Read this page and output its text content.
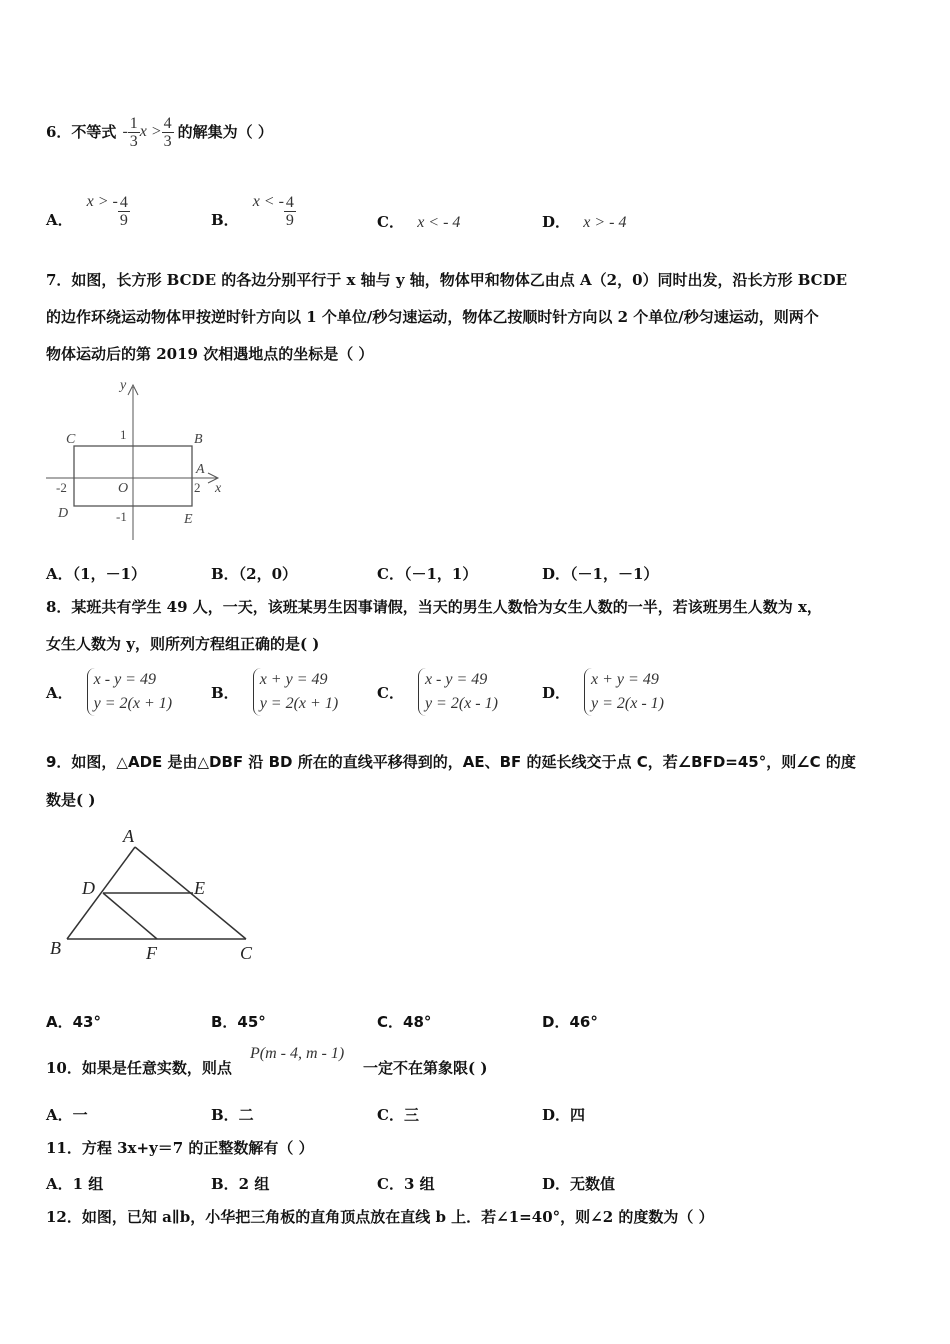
6．不等式 - $\frac{1}{3}$ $x > \frac{4}{3}$ 的解集为（ ）
A．
x > - $\frac{4}{9}$	B．
x < - $\frac{4}{9}$	C． x < - 4	D． x > - 4
7．如图，长方形 BCDE 的各边分别平行于 x 轴与 y 轴，物体甲和物体乙由点 A（2，0）同时出发，沿长方形 BCDE
的边作环绕运动物体甲按逆时针方向以 1 个单位/秒匀速运动，物体乙按顺时针方向以 2 个单位/秒匀速运动，则两个
物体运动后的第 2019 次相遇地点的坐标是（ ）
y
x
C	B
A
D	E
O
1
-1
2
-2
A．（1，－1）	B．（2，0）	C．（－1，1）	D．（－1，－1）
8．某班共有学生 49 人，一天，该班某男生因事请假，当天的男生人数恰为女生人数的一半，若该班男生人数为 x，
女生人数为 y，则所列方程组正确的是( )
A．
x - y = 49
y = 2(x + 1)
B．
x + y = 49
y = 2(x + 1)
C．
x - y = 49
y = 2(x - 1)
D．
x + y = 49
y = 2(x - 1)
9．如图，△ADE 是由△DBF 沿 BD 所在的直线平移得到的，AE、BF 的延长线交于点 C，若∠BFD=45°，则∠C 的度
数是( )
A
D	E
B	F	C
A．43°	B．45°	C．48°	D．46°
10．如果是任意实数，则点
P(m - 4, m - 1)
一定不在第象限( )
A．一	B．二	C．三	D．四
11．方程 3x+y＝7 的正整数解有（ ）
A．1 组	B．2 组	C．3 组	D．无数值
12．如图，已知 a∥b，小华把三角板的直角顶点放在直线 b 上．若∠1=40°，则∠2 的度数为（ ）
